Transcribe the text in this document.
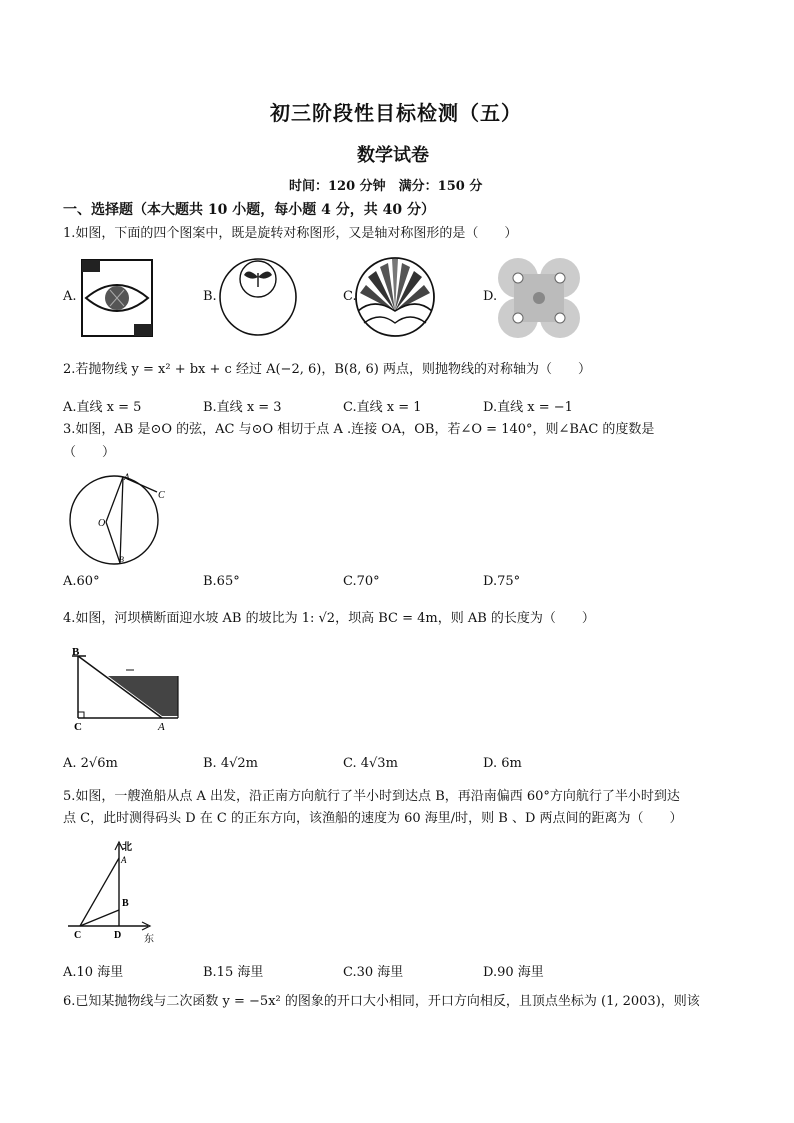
初三阶段性目标检测（五）
数学试卷
时间：120 分钟　满分：150 分
一、选择题（本大题共 10 小题，每小题 4 分，共 40 分）
1.如图，下面的四个图案中，既是旋转对称图形，又是轴对称图形的是（　　）
A.	B.	C.	D.
2.若抛物线 y = x² + bx + c 经过 A(−2, 6)，B(8, 6) 两点，则抛物线的对称轴为（　　）
A.直线 x = 5	B.直线 x = 3	C.直线 x = 1	D.直线 x = −1
3.如图，AB 是⊙O 的弦，AC 与⊙O 相切于点 A .连接 OA，OB，若∠O = 140°，则∠BAC 的度数是
（　　）
A
C
O
B
A.60°	B.65°	C.70°	D.75°
4.如图，河坝横断面迎水坡 AB 的坡比为 1: √2，坝高 BC = 4m，则 AB 的长度为（　　）
B
C	A
A. 2√6m	B. 4√2m	C. 4√3m	D. 6m
5.如图，一艘渔船从点 A 出发，沿正南方向航行了半小时到达点 B，再沿南偏西 60°方向航行了半小时到达
点 C，此时测得码头 D 在 C 的正东方向，该渔船的速度为 60 海里/时，则 B 、D 两点间的距离为（　　）
北
A
B
C	D 东
A.10 海里	B.15 海里	C.30 海里	D.90 海里
6.已知某抛物线与二次函数 y = −5x² 的图象的开口大小相同，开口方向相反，且顶点坐标为 (1, 2003)，则该
